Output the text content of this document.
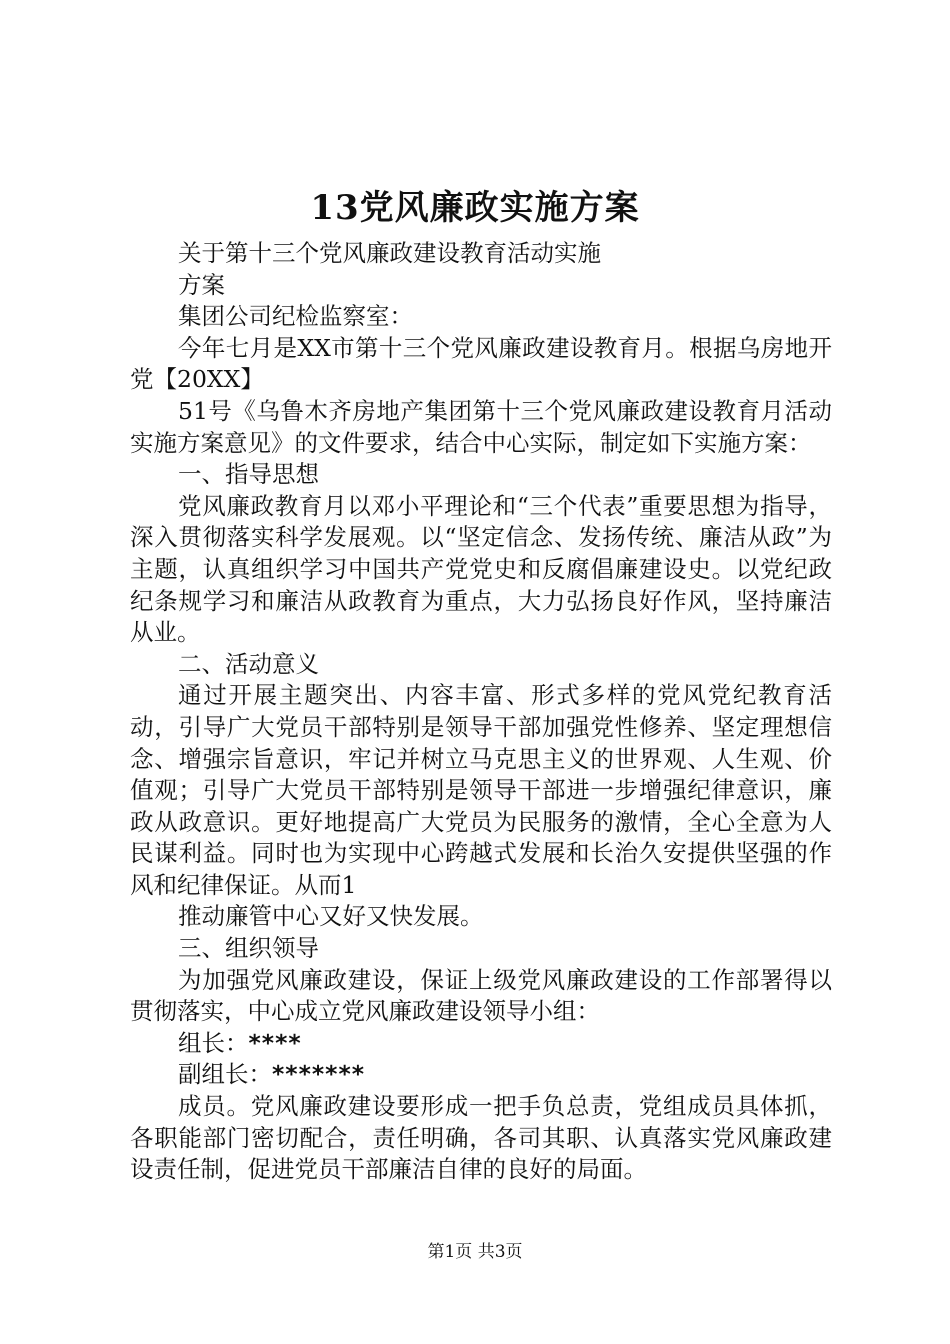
13党风廉政实施方案

关于第十三个党风廉政建设教育活动实施

方案

集团公司纪检监察室：

今年七月是XX市第十三个党风廉政建设教育月。根据乌房地开党【20XX】

51号《乌鲁木齐房地产集团第十三个党风廉政建设教育月活动实施方案意见》的文件要求，结合中心实际，制定如下实施方案：

一、指导思想

党风廉政教育月以邓小平理论和“三个代表”重要思想为指导，深入贯彻落实科学发展观。以“坚定信念、发扬传统、廉洁从政”为主题，认真组织学习中国共产党党史和反腐倡廉建设史。以党纪政纪条规学习和廉洁从政教育为重点，大力弘扬良好作风，坚持廉洁从业。

二、活动意义

通过开展主题突出、内容丰富、形式多样的党风党纪教育活动，引导广大党员干部特别是领导干部加强党性修养、坚定理想信念、增强宗旨意识，牢记并树立马克思主义的世界观、人生观、价值观；引导广大党员干部特别是领导干部进一步增强纪律意识，廉政从政意识。更好地提高广大党员为民服务的激情，全心全意为人民谋利益。同时也为实现中心跨越式发展和长治久安提供坚强的作风和纪律保证。从而1

推动廉管中心又好又快发展。

三、组织领导

为加强党风廉政建设，保证上级党风廉政建设的工作部署得以贯彻落实，中心成立党风廉政建设领导小组：

组长：****

副组长：*******

成员。党风廉政建设要形成一把手负总责，党组成员具体抓，各职能部门密切配合，责任明确，各司其职、认真落实党风廉政建设责任制，促进党员干部廉洁自律的良好的局面。

第1页 共3页
